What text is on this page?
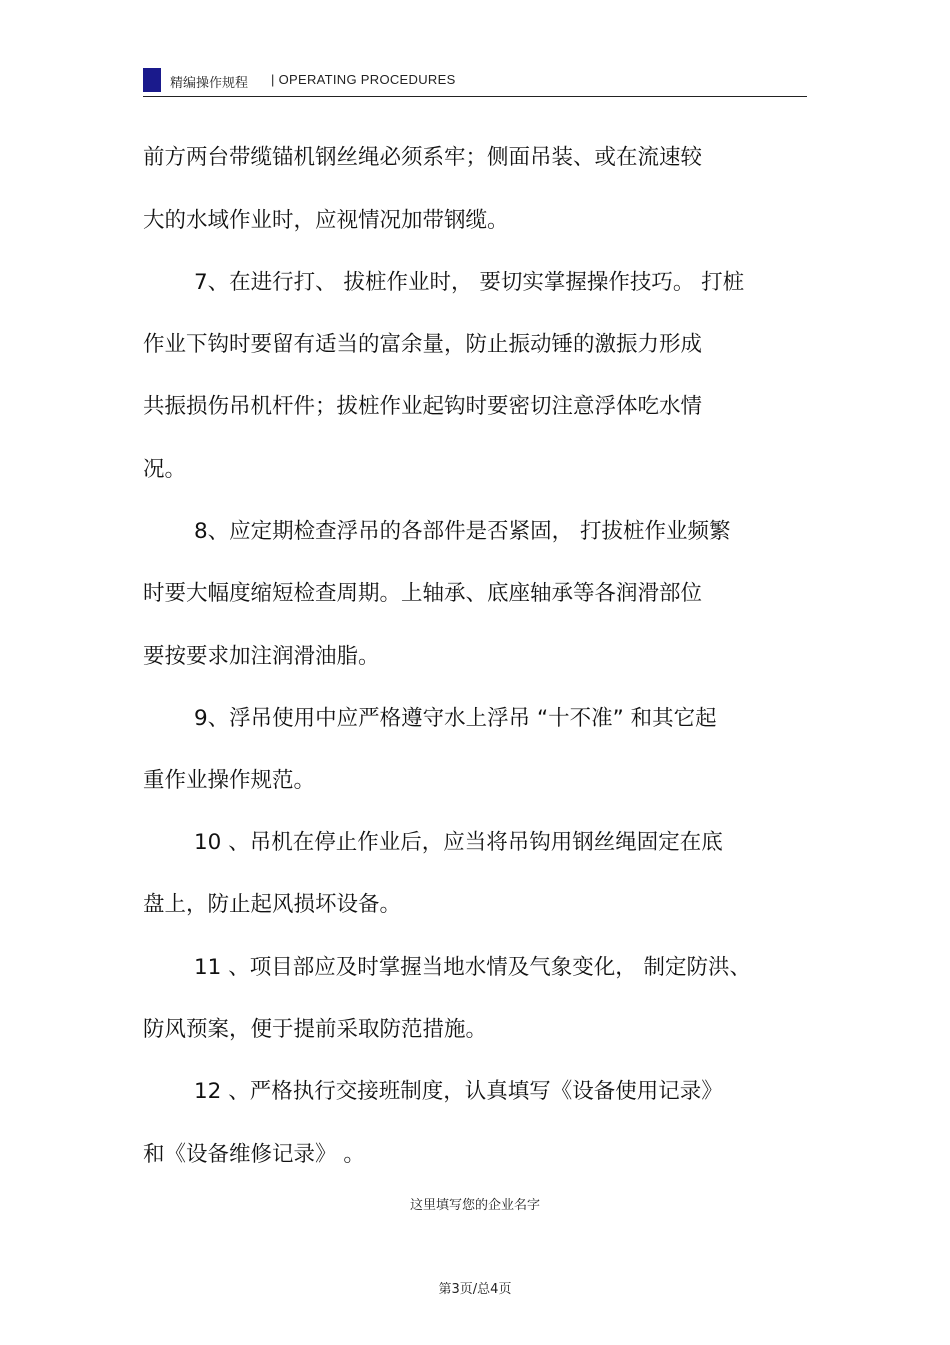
精编操作规程 | OPERATING PROCEDURES
前方两台带缆锚机钢丝绳必须系牢；侧面吊装、或在流速较
大的水域作业时，应视情况加带钢缆。
7、在进行打、 拔桩作业时， 要切实掌握操作技巧。 打桩
作业下钩时要留有适当的富余量，防止振动锤的激振力形成
共振损伤吊机杆件；拔桩作业起钩时要密切注意浮体吃水情
况。
8、应定期检查浮吊的各部件是否紧固， 打拔桩作业频繁
时要大幅度缩短检查周期。上轴承、底座轴承等各润滑部位
要按要求加注润滑油脂。
9、浮吊使用中应严格遵守水上浮吊 “十不准” 和其它起
重作业操作规范。
10 、吊机在停止作业后，应当将吊钩用钢丝绳固定在底
盘上，防止起风损坏设备。
11 、项目部应及时掌握当地水情及气象变化， 制定防洪、
防风预案，便于提前采取防范措施。
12 、严格执行交接班制度，认真填写《设备使用记录》
和《设备维修记录》 。
这里填写您的企业名字
第3页/总4页
